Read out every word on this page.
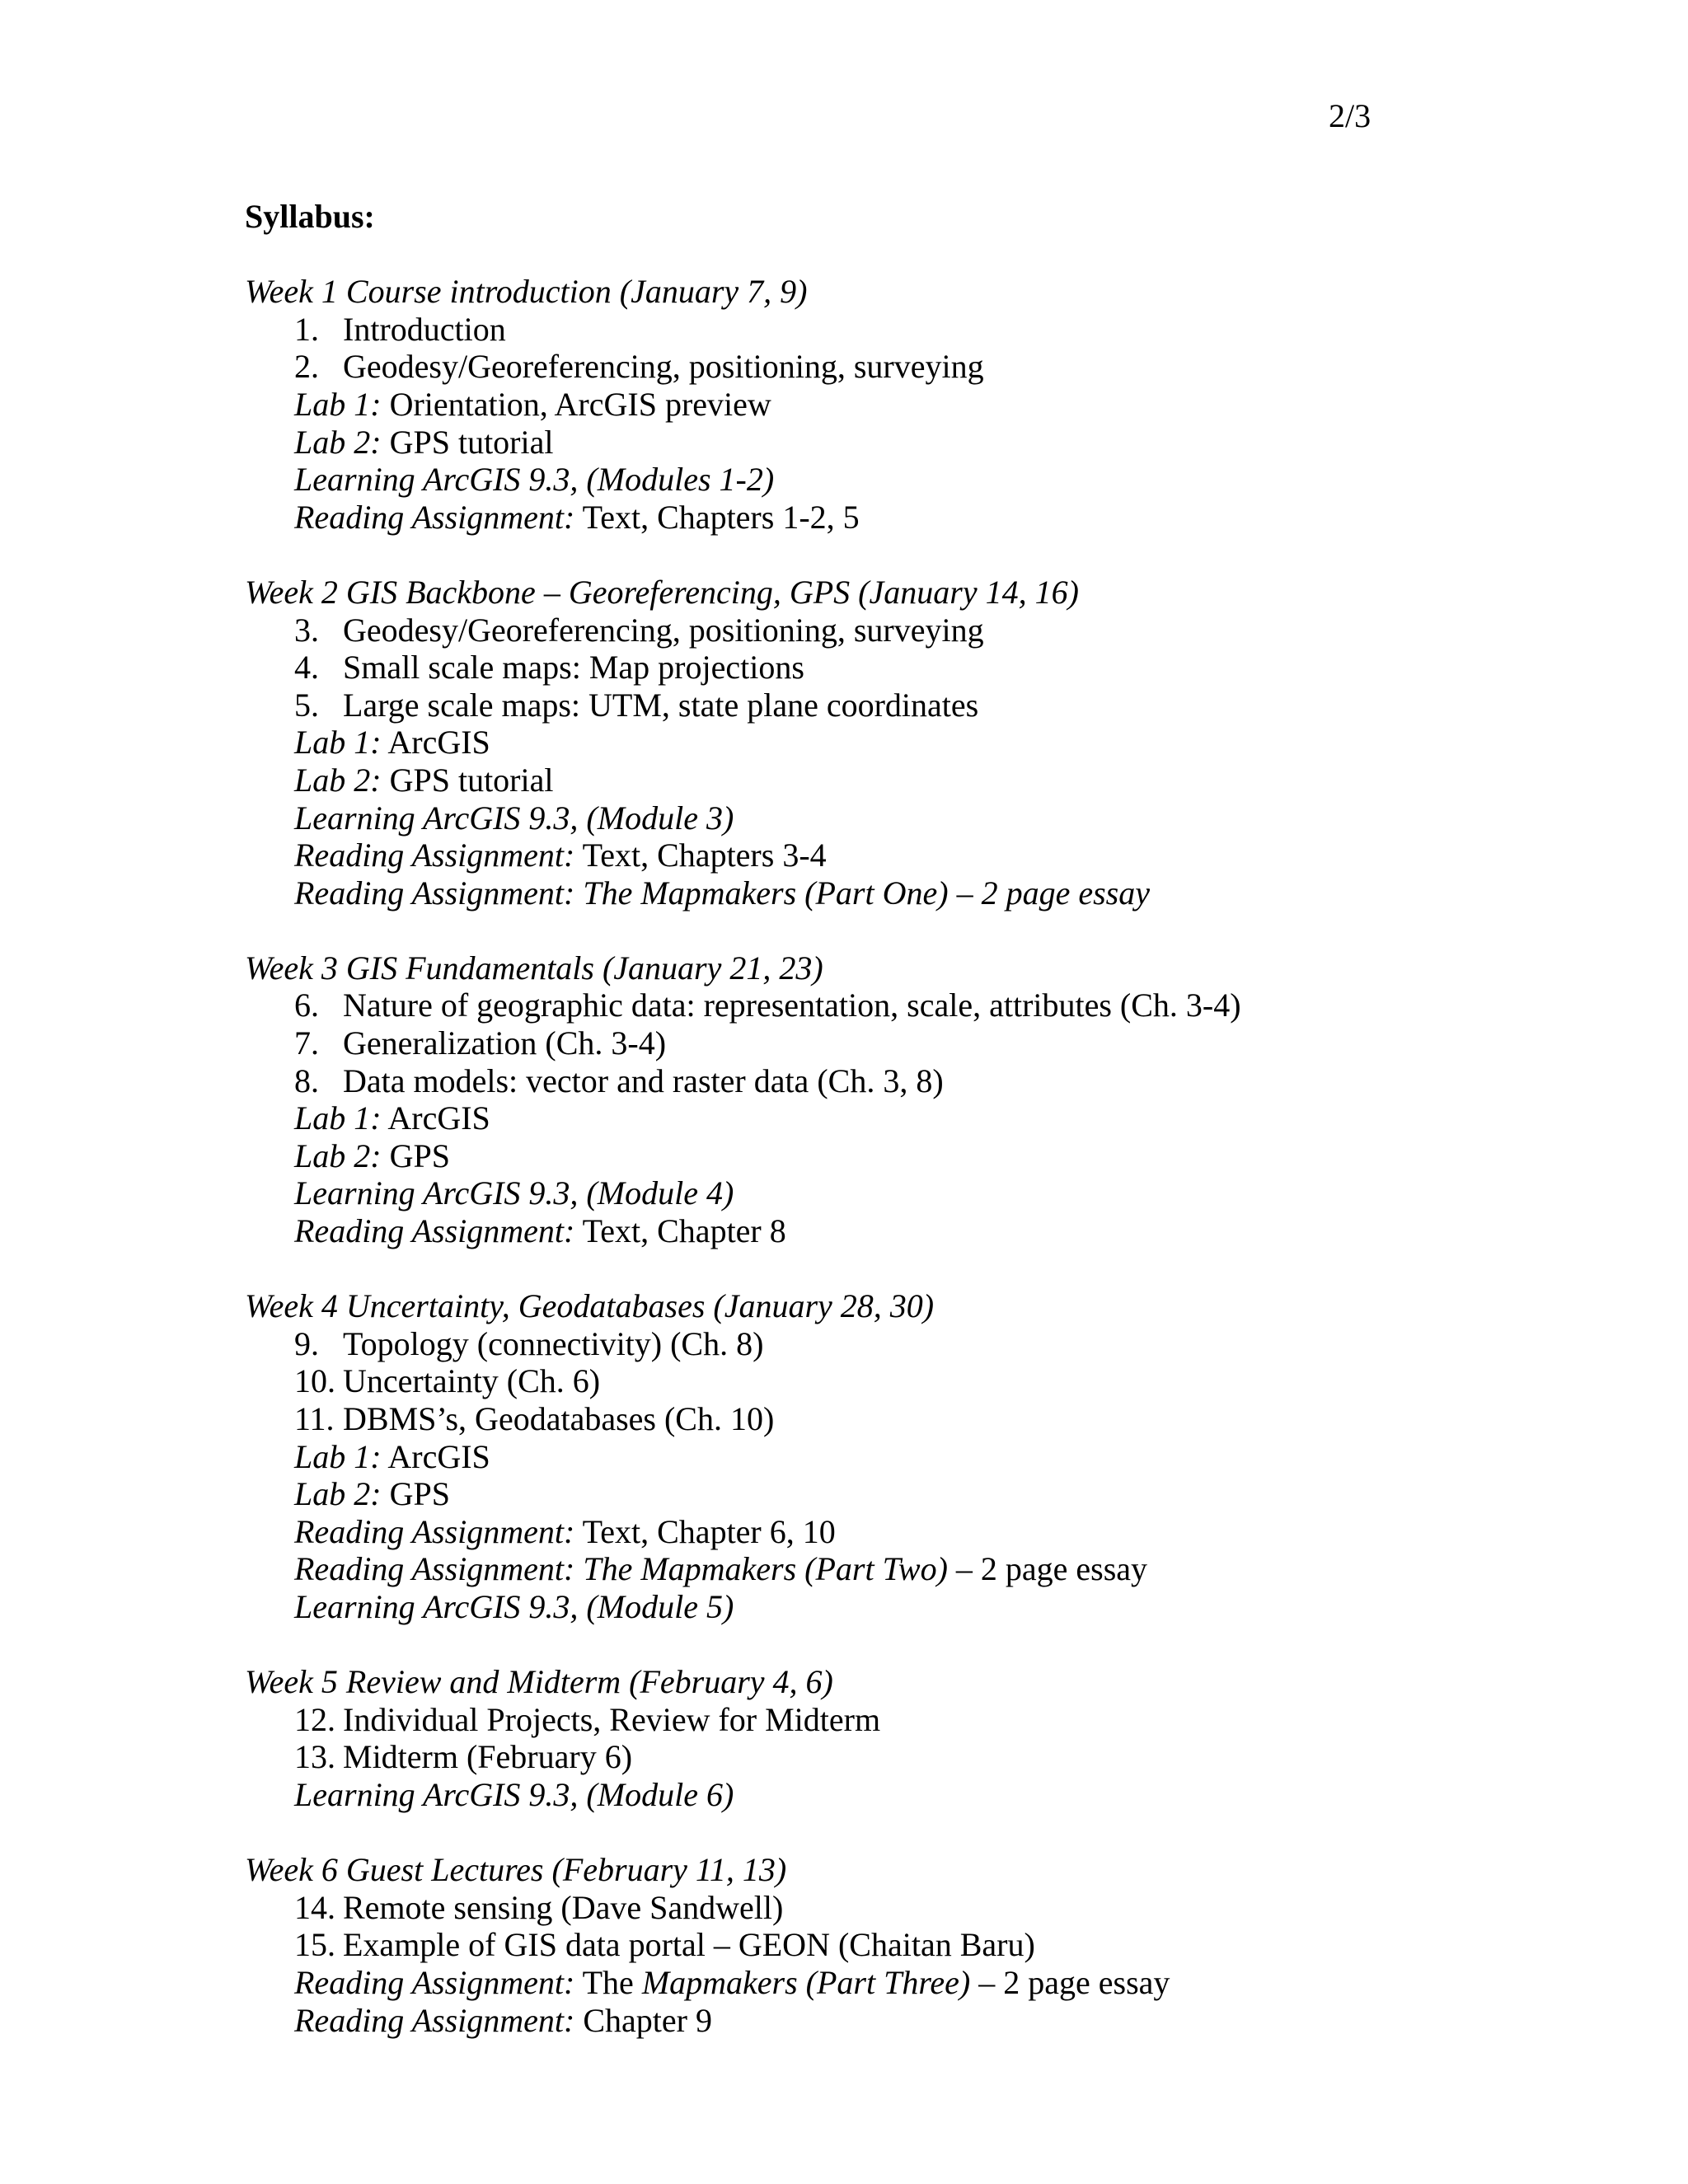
2/3
Syllabus:
Week 1 Course introduction (January 7, 9)
1. Introduction
2. Geodesy/Georeferencing, positioning, surveying
Lab 1: Orientation, ArcGIS preview
Lab 2: GPS tutorial
Learning ArcGIS 9.3, (Modules 1-2)
Reading Assignment: Text, Chapters 1-2, 5
Week 2 GIS Backbone – Georeferencing, GPS (January 14, 16)
3. Geodesy/Georeferencing, positioning, surveying
4. Small scale maps: Map projections
5. Large scale maps: UTM, state plane coordinates
Lab 1: ArcGIS
Lab 2: GPS tutorial
Learning ArcGIS 9.3, (Module 3)
Reading Assignment: Text, Chapters 3-4
Reading Assignment: The Mapmakers (Part One) – 2 page essay
Week 3 GIS Fundamentals (January 21, 23)
6. Nature of geographic data: representation, scale, attributes (Ch. 3-4)
7. Generalization (Ch. 3-4)
8. Data models: vector and raster data (Ch. 3, 8)
Lab 1: ArcGIS
Lab 2: GPS
Learning ArcGIS 9.3, (Module 4)
Reading Assignment: Text, Chapter 8
Week 4 Uncertainty, Geodatabases (January 28, 30)
9. Topology (connectivity) (Ch. 8)
10. Uncertainty (Ch. 6)
11. DBMS’s, Geodatabases (Ch. 10)
Lab 1: ArcGIS
Lab 2: GPS
Reading Assignment: Text, Chapter 6, 10
Reading Assignment: The Mapmakers (Part Two) – 2 page essay
Learning ArcGIS 9.3, (Module 5)
Week 5 Review and Midterm (February 4, 6)
12. Individual Projects, Review for Midterm
13. Midterm (February 6)
Learning ArcGIS 9.3, (Module 6)
Week 6 Guest Lectures (February 11, 13)
14. Remote sensing (Dave Sandwell)
15. Example of GIS data portal – GEON (Chaitan Baru)
Reading Assignment: The Mapmakers (Part Three) – 2 page essay
Reading Assignment: Chapter 9
